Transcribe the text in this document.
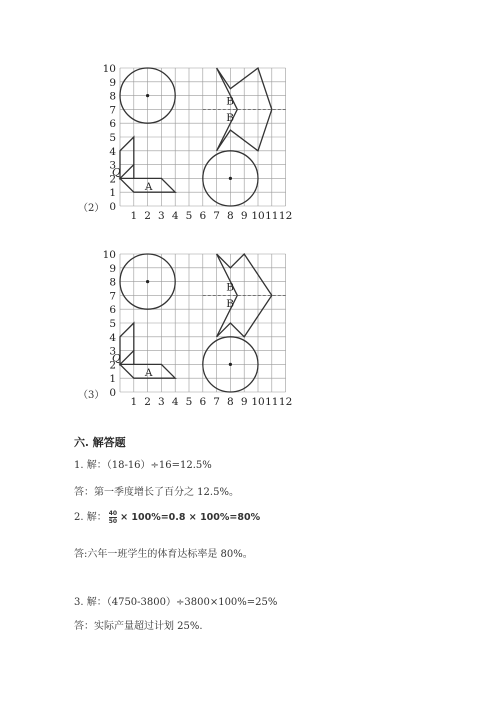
10
9
8
7
6
5
4
3
2
1
0
1 2 3 4 5 6 7 8 9 10 11 12
Q
A
B
B
（2）
10
9
8
7
6
5
4
3
2
1
0
1 2 3 4 5 6 7 8 9 10 11 12
Q
A
B
B
（3）
六. 解答题
1. 解：（18-16）÷16=12.5%
答：第一季度增长了百分之 12.5%。
2. 解： $\frac{40}{50} \times 100\%=0.8 \times 100\%=80\%$
答:六年一班学生的体育达标率是 80%。
3. 解：（4750-3800）÷3800×100%=25%
答：实际产量超过计划 25%.
